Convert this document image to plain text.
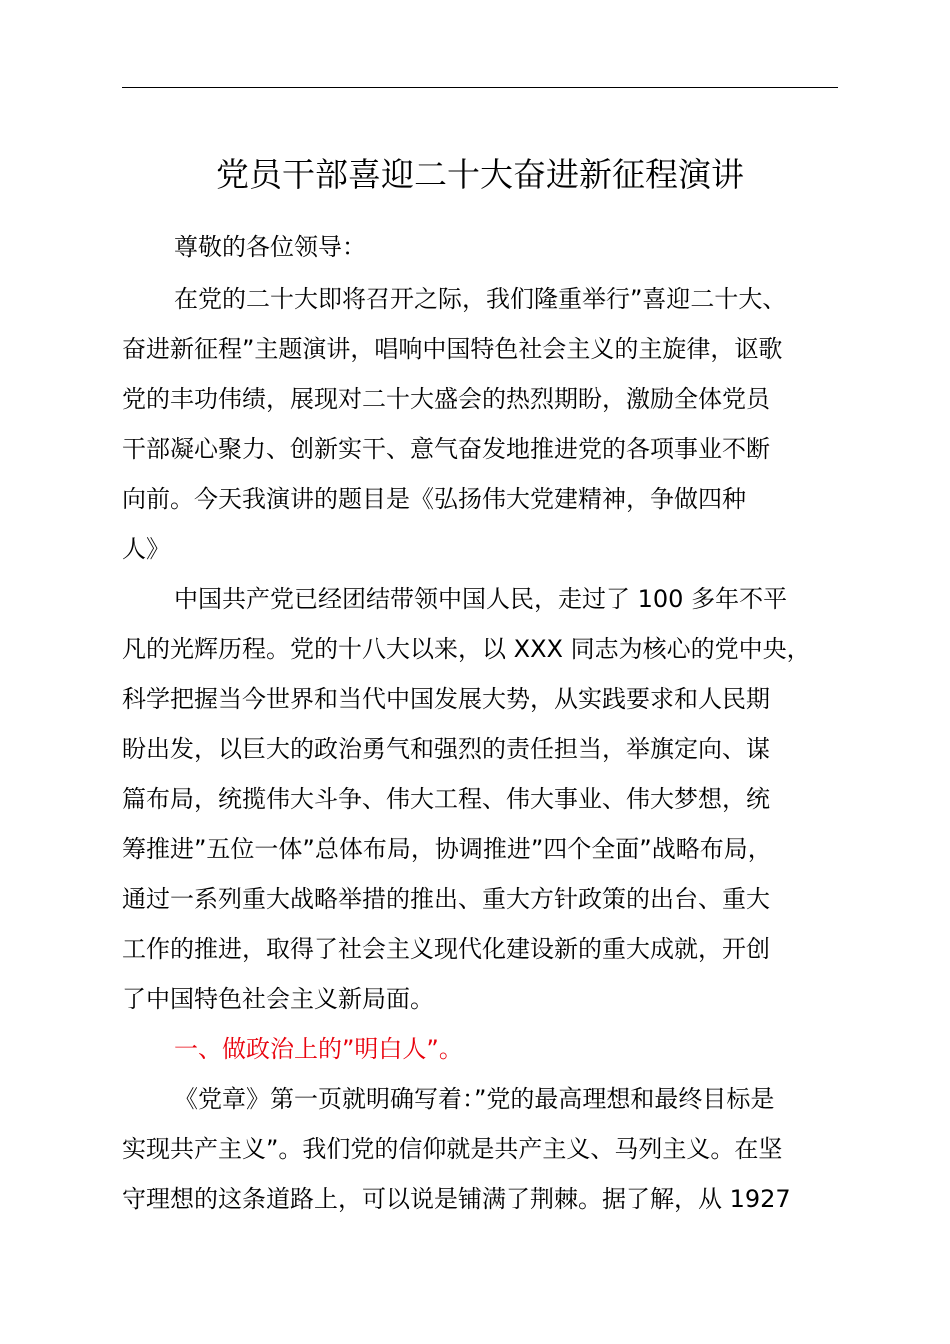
党员干部喜迎二十大奋进新征程演讲
尊敬的各位领导：
在党的二十大即将召开之际，我们隆重举行”喜迎二十大、
奋进新征程”主题演讲，唱响中国特色社会主义的主旋律，讴歌
党的丰功伟绩，展现对二十大盛会的热烈期盼，激励全体党员
干部凝心聚力、创新实干、意气奋发地推进党的各项事业不断
向前。今天我演讲的题目是《弘扬伟大党建精神，争做四种
人》
中国共产党已经团结带领中国人民，走过了 100 多年不平
凡的光辉历程。党的十八大以来，以 XXX 同志为核心的党中央，
科学把握当今世界和当代中国发展大势，从实践要求和人民期
盼出发，以巨大的政治勇气和强烈的责任担当，举旗定向、谋
篇布局，统揽伟大斗争、伟大工程、伟大事业、伟大梦想，统
筹推进”五位一体”总体布局，协调推进”四个全面”战略布局，
通过一系列重大战略举措的推出、重大方针政策的出台、重大
工作的推进，取得了社会主义现代化建设新的重大成就，开创
了中国特色社会主义新局面。
一、做政治上的”明白人”。
《党章》第一页就明确写着：”党的最高理想和最终目标是
实现共产主义”。我们党的信仰就是共产主义、马列主义。在坚
守理想的这条道路上，可以说是铺满了荆棘。据了解，从 1927
